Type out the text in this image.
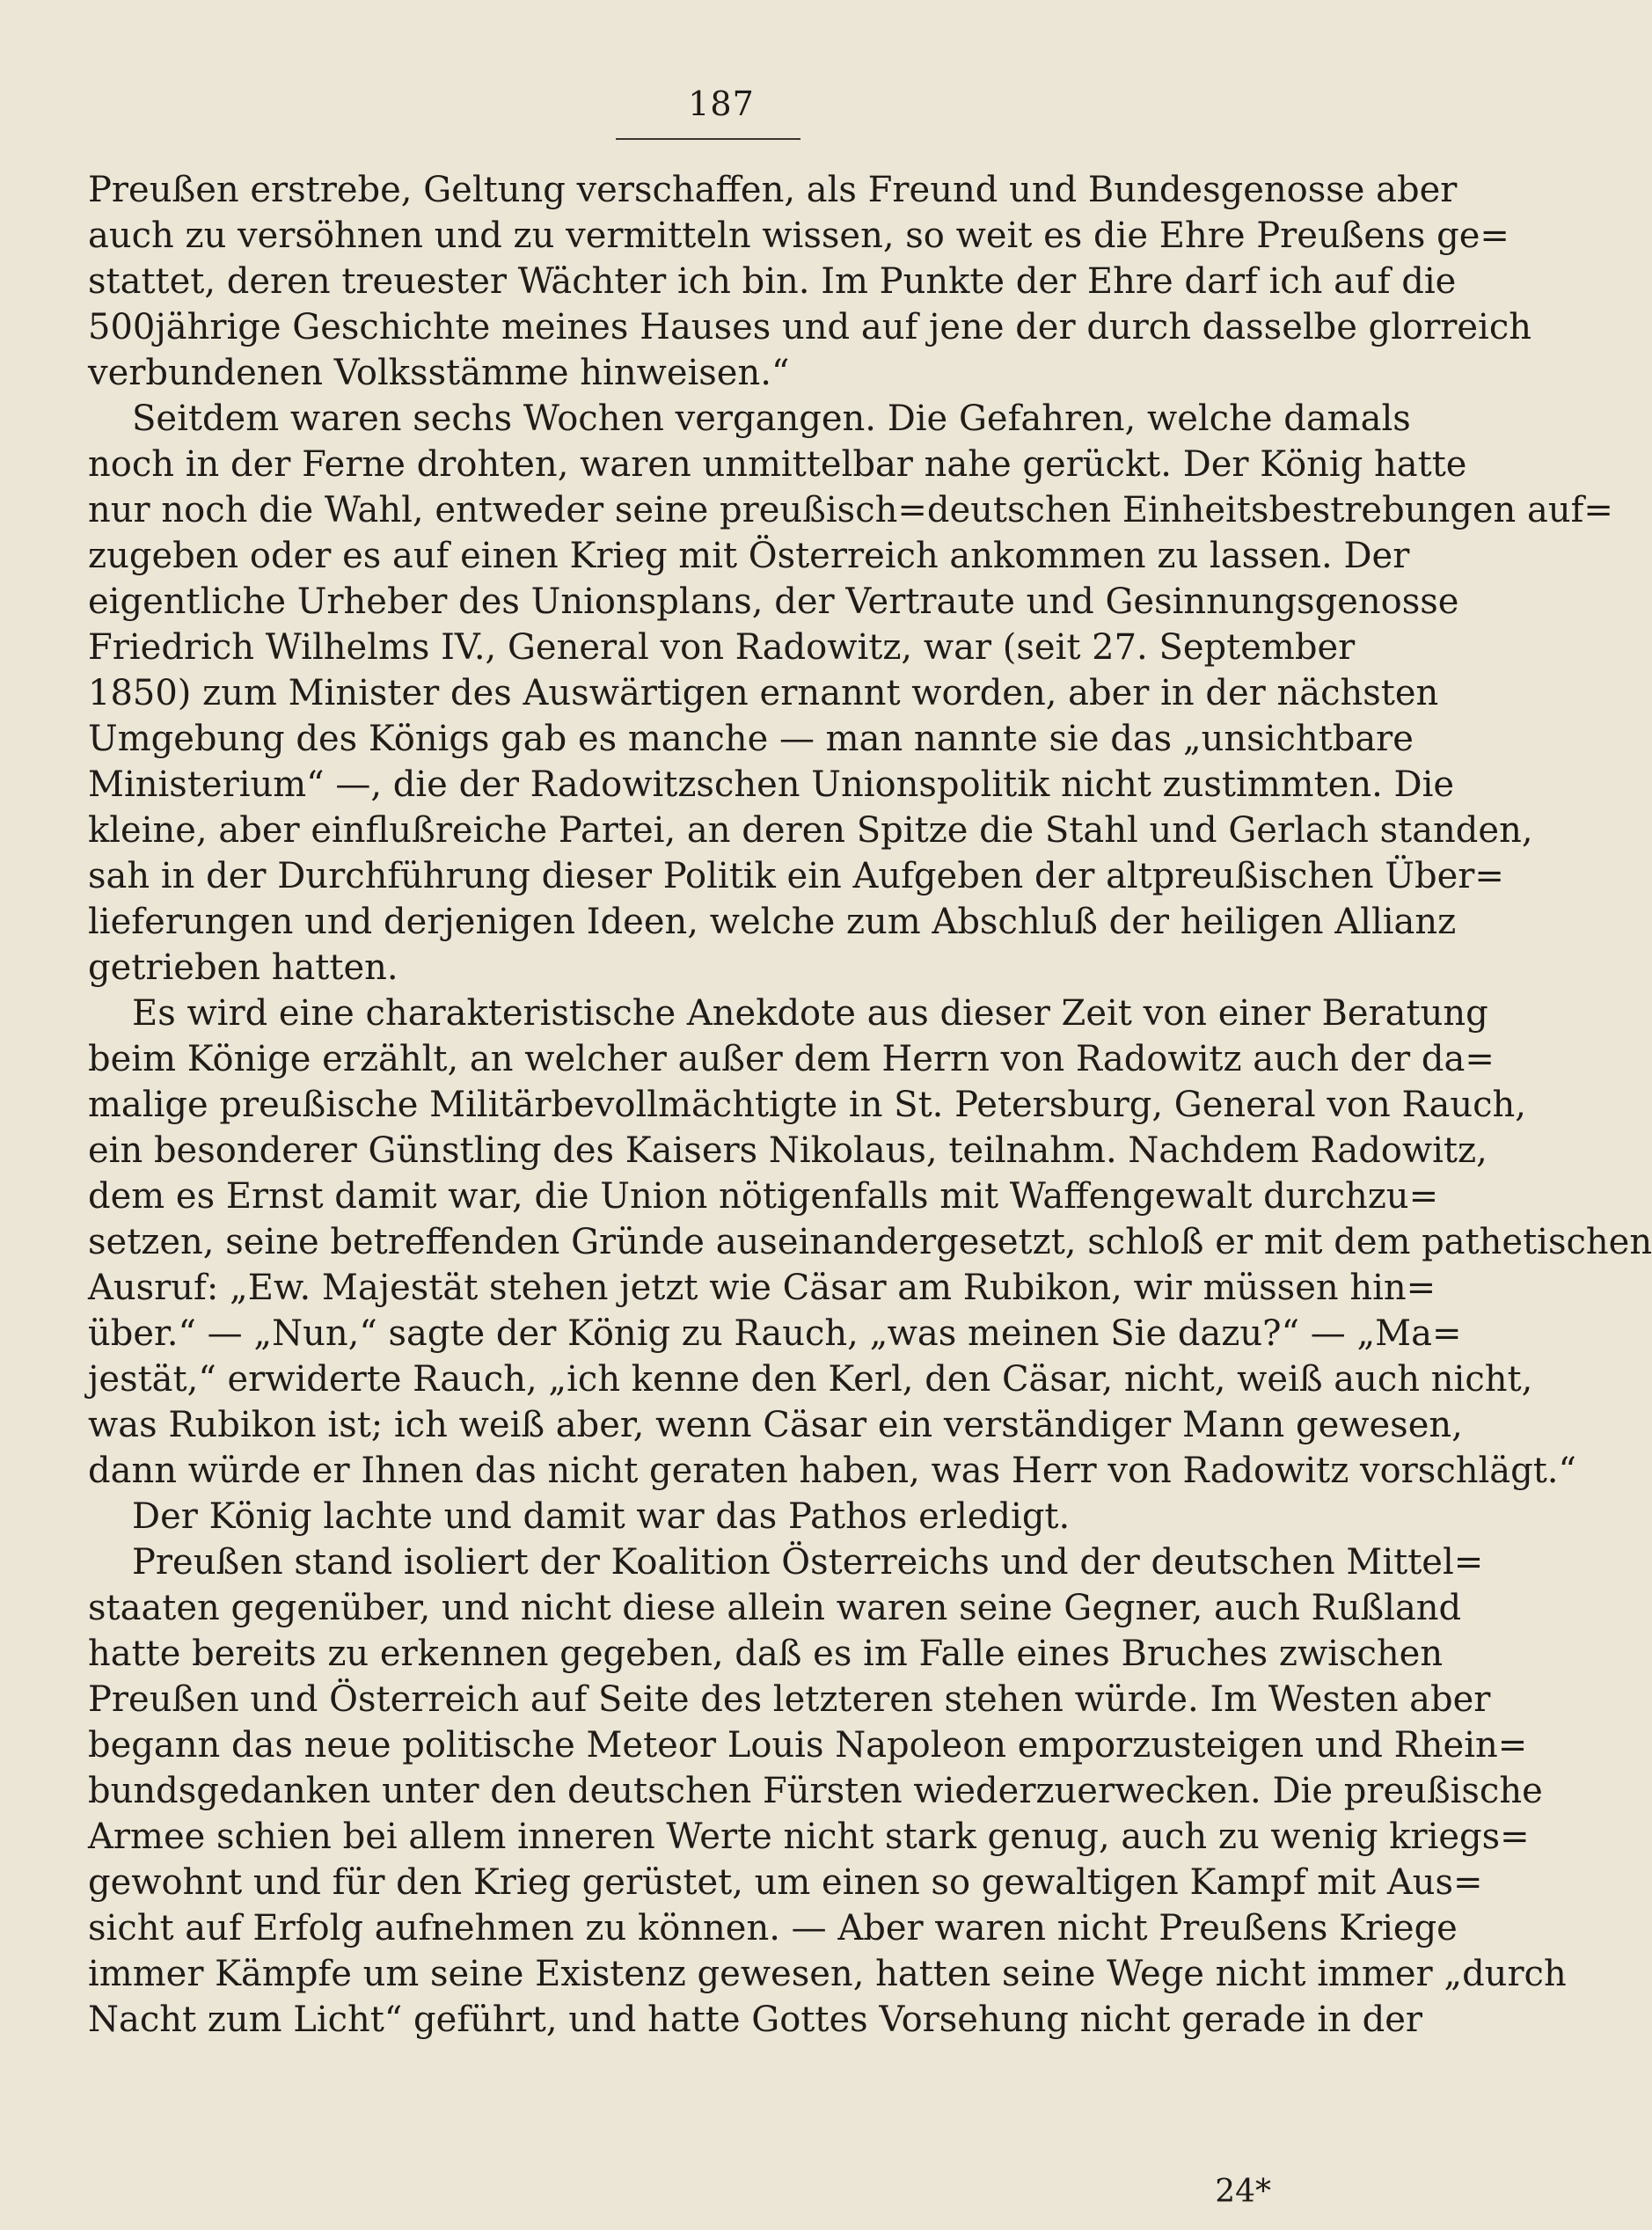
187
Preußen erstrebe, Geltung verschaffen, als Freund und Bundesgenosse aber
auch zu versöhnen und zu vermitteln wissen, so weit es die Ehre Preußens ge=
stattet, deren treuester Wächter ich bin. Im Punkte der Ehre darf ich auf die
500jährige Geschichte meines Hauses und auf jene der durch dasselbe glorreich
verbundenen Volksstämme hinweisen.“
Seitdem waren sechs Wochen vergangen. Die Gefahren, welche damals
noch in der Ferne drohten, waren unmittelbar nahe gerückt. Der König hatte
nur noch die Wahl, entweder seine preußisch=deutschen Einheitsbestrebungen auf=
zugeben oder es auf einen Krieg mit Österreich ankommen zu lassen. Der
eigentliche Urheber des Unionsplans, der Vertraute und Gesinnungsgenosse
Friedrich Wilhelms IV., General von Radowitz, war (seit 27. September
1850) zum Minister des Auswärtigen ernannt worden, aber in der nächsten
Umgebung des Königs gab es manche — man nannte sie das „unsichtbare
Ministerium“ —, die der Radowitzschen Unionspolitik nicht zustimmten. Die
kleine, aber einflußreiche Partei, an deren Spitze die Stahl und Gerlach standen,
sah in der Durchführung dieser Politik ein Aufgeben der altpreußischen Über=
lieferungen und derjenigen Ideen, welche zum Abschluß der heiligen Allianz
getrieben hatten.
Es wird eine charakteristische Anekdote aus dieser Zeit von einer Beratung
beim Könige erzählt, an welcher außer dem Herrn von Radowitz auch der da=
malige preußische Militärbevollmächtigte in St. Petersburg, General von Rauch,
ein besonderer Günstling des Kaisers Nikolaus, teilnahm. Nachdem Radowitz,
dem es Ernst damit war, die Union nötigenfalls mit Waffengewalt durchzu=
setzen, seine betreffenden Gründe auseinandergesetzt, schloß er mit dem pathetischen
Ausruf: „Ew. Majestät stehen jetzt wie Cäsar am Rubikon, wir müssen hin=
über.“ — „Nun,“ sagte der König zu Rauch, „was meinen Sie dazu?“ — „Ma=
jestät,“ erwiderte Rauch, „ich kenne den Kerl, den Cäsar, nicht, weiß auch nicht,
was Rubikon ist; ich weiß aber, wenn Cäsar ein verständiger Mann gewesen,
dann würde er Ihnen das nicht geraten haben, was Herr von Radowitz vorschlägt.“
Der König lachte und damit war das Pathos erledigt.
Preußen stand isoliert der Koalition Österreichs und der deutschen Mittel=
staaten gegenüber, und nicht diese allein waren seine Gegner, auch Rußland
hatte bereits zu erkennen gegeben, daß es im Falle eines Bruches zwischen
Preußen und Österreich auf Seite des letzteren stehen würde. Im Westen aber
begann das neue politische Meteor Louis Napoleon emporzusteigen und Rhein=
bundsgedanken unter den deutschen Fürsten wiederzuerwecken. Die preußische
Armee schien bei allem inneren Werte nicht stark genug, auch zu wenig kriegs=
gewohnt und für den Krieg gerüstet, um einen so gewaltigen Kampf mit Aus=
sicht auf Erfolg aufnehmen zu können. — Aber waren nicht Preußens Kriege
immer Kämpfe um seine Existenz gewesen, hatten seine Wege nicht immer „durch
Nacht zum Licht“ geführt, und hatte Gottes Vorsehung nicht gerade in der
24*
